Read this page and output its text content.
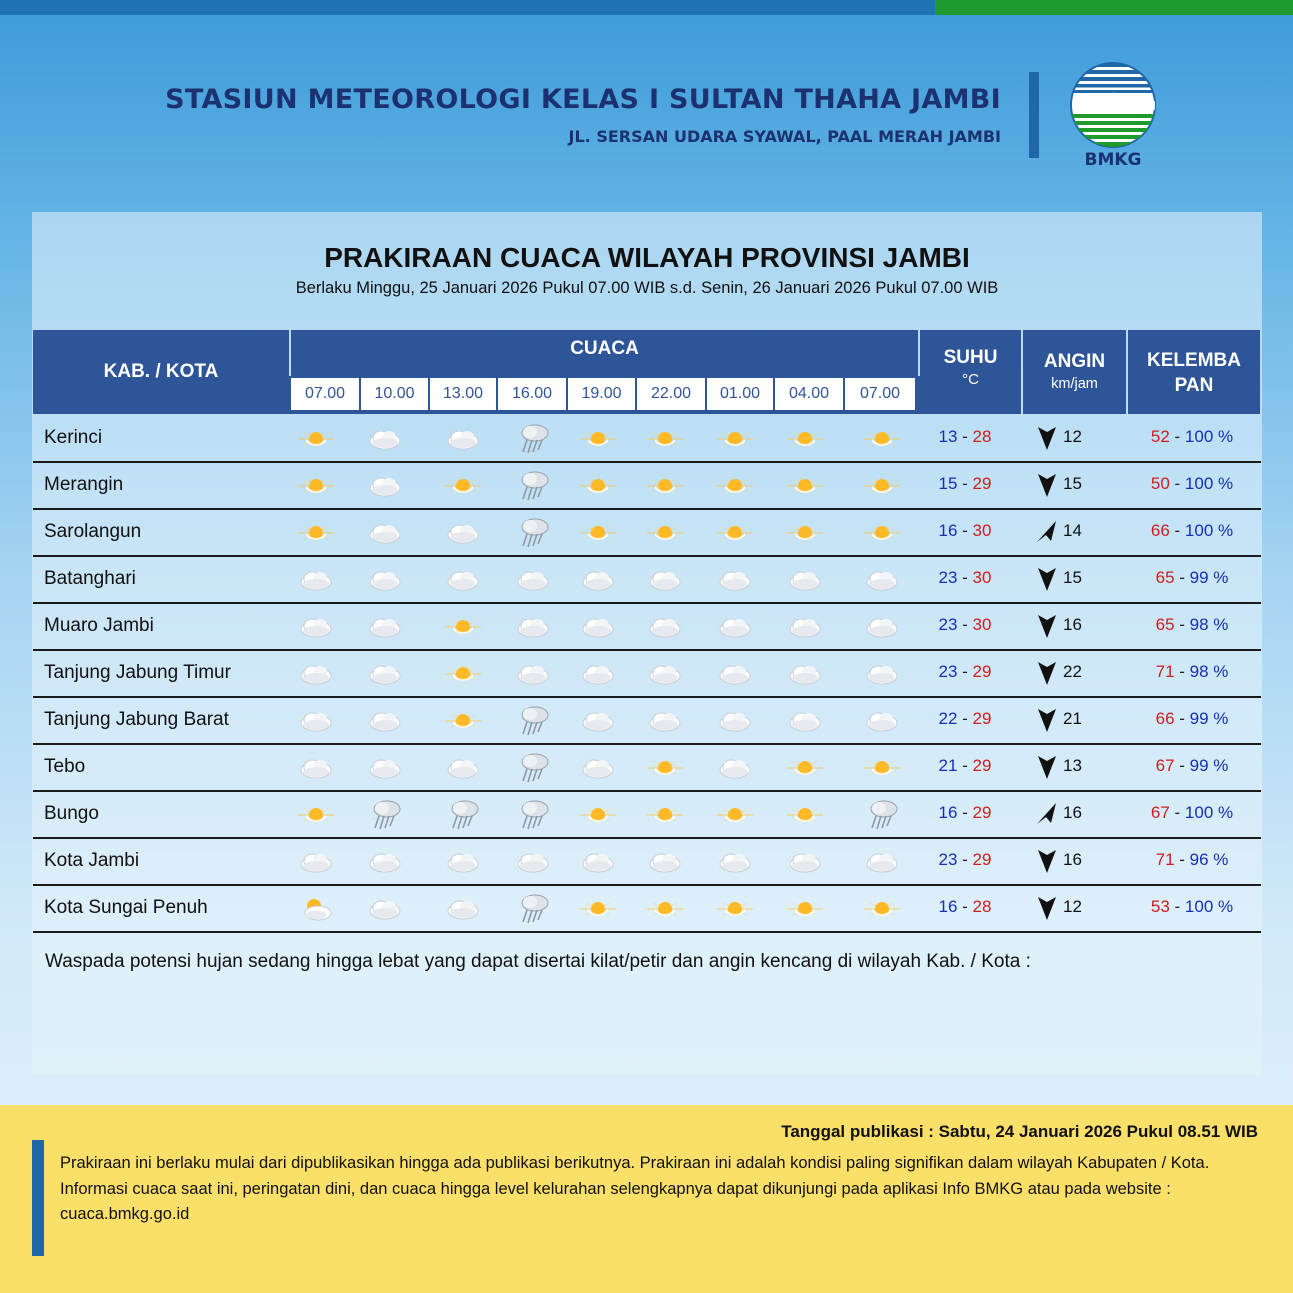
STASIUN METEOROLOGI KELAS I SULTAN THAHA JAMBI
JL. SERSAN UDARA SYAWAL, PAAL MERAH JAMBI
BMKG
PRAKIRAAN CUACA WILAYAH PROVINSI JAMBI
Berlaku Minggu, 25 Januari 2026 Pukul 07.00 WIB s.d. Senin, 26 Januari 2026 Pukul 07.00 WIB
KAB. / KOTA
CUACA	SUHU
°C
ANGIN
km/jam
KELEMBA
PAN
07.00	10.00	13.00	16.00	19.00	22.00	01.00	04.00	07.00
Kerinci	13 - 28	12	52 - 100 %
Merangin	15 - 29	15	50 - 100 %
Sarolangun	16 - 30	14	66 - 100 %
Batanghari	23 - 30	15	65 - 99 %
Muaro Jambi	23 - 30	16	65 - 98 %
Tanjung Jabung Timur	23 - 29	22	71 - 98 %
Tanjung Jabung Barat	22 - 29	21	66 - 99 %
Tebo	21 - 29	13	67 - 99 %
Bungo	16 - 29	16	67 - 100 %
Kota Jambi	23 - 29	16	71 - 96 %
Kota Sungai Penuh	16 - 28	12	53 - 100 %
Waspada potensi hujan sedang hingga lebat yang dapat disertai kilat/petir dan angin kencang di wilayah Kab. / Kota :
Tanggal publikasi : Sabtu, 24 Januari 2026 Pukul 08.51 WIB
Prakiraan ini berlaku mulai dari dipublikasikan hingga ada publikasi berikutnya. Prakiraan ini adalah kondisi paling signifikan dalam wilayah Kabupaten / Kota. Informasi cuaca saat ini, peringatan dini, dan cuaca hingga level kelurahan selengkapnya dapat dikunjungi pada aplikasi Info BMKG atau pada website : cuaca.bmkg.go.id
